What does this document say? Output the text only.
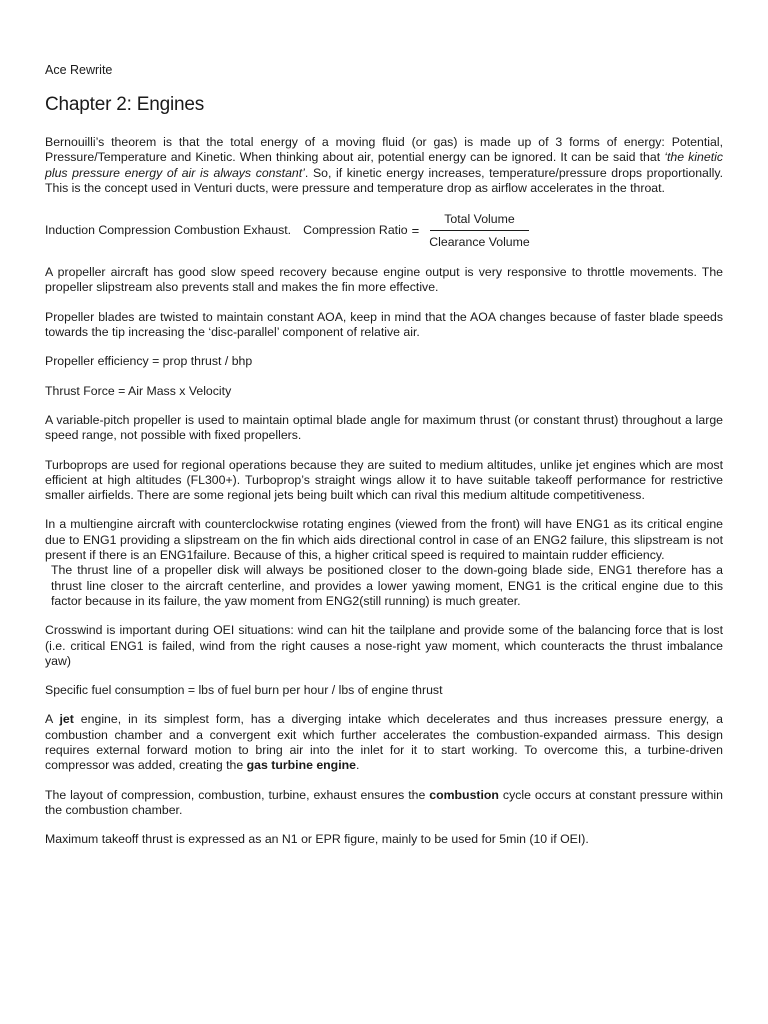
Ace Rewrite
Chapter 2: Engines

Bernouilli’s theorem is that the total energy of a moving fluid (or gas) is made up of 3 forms of energy: Potential, Pressure/Temperature and Kinetic. When thinking about air, potential energy can be ignored. It can be said that ‘the kinetic plus pressure energy of air is always constant’. So, if kinetic energy increases, temperature/pressure drops proportionally. This is the concept used in Venturi ducts, were pressure and temperature drop as airflow accelerates in the throat.

Induction Compression Combustion Exhaust. Compression Ratio = $\frac{\text{Total Volume}}{\text{Clearance Volume}}$

A propeller aircraft has good slow speed recovery because engine output is very responsive to throttle movements. The propeller slipstream also prevents stall and makes the fin more effective.

Propeller blades are twisted to maintain constant AOA, keep in mind that the AOA changes because of faster blade speeds towards the tip increasing the ‘disc-parallel’ component of relative air.

Propeller efficiency = prop thrust / bhp

Thrust Force = Air Mass x Velocity

A variable-pitch propeller is used to maintain optimal blade angle for maximum thrust (or constant thrust) throughout a large speed range, not possible with fixed propellers.

Turboprops are used for regional operations because they are suited to medium altitudes, unlike jet engines which are most efficient at high altitudes (FL300+). Turboprop’s straight wings allow it to have suitable takeoff performance for restrictive smaller airfields. There are some regional jets being built which can rival this medium altitude competitiveness.

In a multiengine aircraft with counterclockwise rotating engines (viewed from the front) will have ENG1 as its critical engine due to ENG1 providing a slipstream on the fin which aids directional control in case of an ENG2 failure, this slipstream is not present if there is an ENG1failure. Because of this, a higher critical speed is required to maintain rudder efficiency.

The thrust line of a propeller disk will always be positioned closer to the down-going blade side, ENG1 therefore has a thrust line closer to the aircraft centerline, and provides a lower yawing moment, ENG1 is the critical engine due to this factor because in its failure, the yaw moment from ENG2(still running) is much greater.

Crosswind is important during OEI situations: wind can hit the tailplane and provide some of the balancing force that is lost (i.e. critical ENG1 is failed, wind from the right causes a nose-right yaw moment, which counteracts the thrust imbalance yaw)

Specific fuel consumption = lbs of fuel burn per hour / lbs of engine thrust

A jet engine, in its simplest form, has a diverging intake which decelerates and thus increases pressure energy, a combustion chamber and a convergent exit which further accelerates the combustion-expanded airmass. This design requires external forward motion to bring air into the inlet for it to start working. To overcome this, a turbine-driven compressor was added, creating the gas turbine engine.

The layout of compression, combustion, turbine, exhaust ensures the combustion cycle occurs at constant pressure within the combustion chamber.

Maximum takeoff thrust is expressed as an N1 or EPR figure, mainly to be used for 5min (10 if OEI).
